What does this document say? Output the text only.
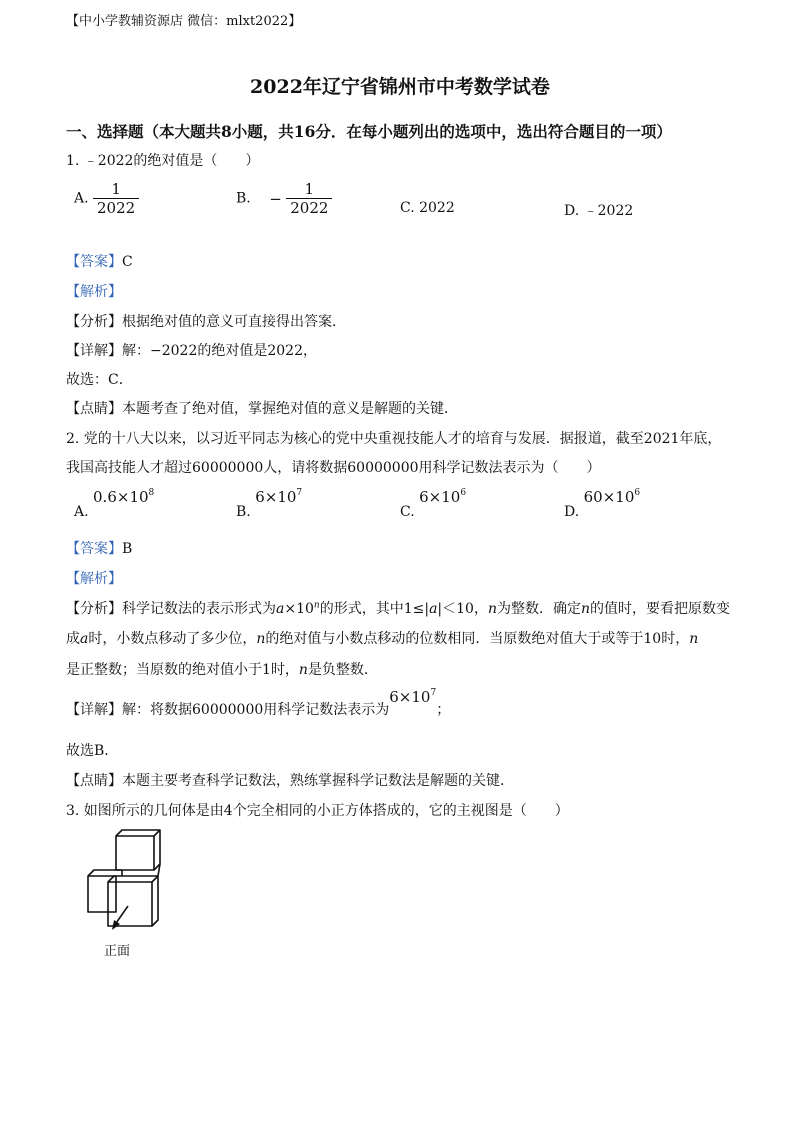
【中小学教辅资源店 微信：mlxt2022】
2022年辽宁省锦州市中考数学试卷
一、选择题（本大题共8小题，共16分．在每小题列出的选项中，选出符合题目的一项）
1. ﹣2022的绝对值是（　　）
A. $\frac{1}{2022}$	B. − $\frac{1}{2022}$	C. 2022	D. ﹣2022
【答案】C
【解析】
【分析】根据绝对值的意义可直接得出答案．
【详解】解：−2022的绝对值是2022，
故选：C．
【点睛】本题考查了绝对值，掌握绝对值的意义是解题的关键．
2. 党的十八大以来，以习近平同志为核心的党中央重视技能人才的培育与发展．据报道，截至2021年底，
我国高技能人才超过60000000人，请将数据60000000用科学记数法表示为（　　）
A. $0.6\times 10^8$
B. $6\times 10^7$
C. $6\times 10^6$
D. $60\times 10^6$
【答案】B
【解析】
【分析】科学记数法的表示形式为$a\times 10^n$的形式，其中1≤|a|＜10，n为整数．确定n的值时，要看把原数变
成a时，小数点移动了多少位，n的绝对值与小数点移动的位数相同．当原数绝对值大于或等于10时，n
是正整数；当原数的绝对值小于1时，n是负整数．
【详解】解：将数据60000000用科学记数法表示为$6\times 10^7$；
故选B．
【点睛】本题主要考查科学记数法，熟练掌握科学记数法是解题的关键．
3. 如图所示的几何体是由4个完全相同的小正方体搭成的，它的主视图是（　　）
正面
